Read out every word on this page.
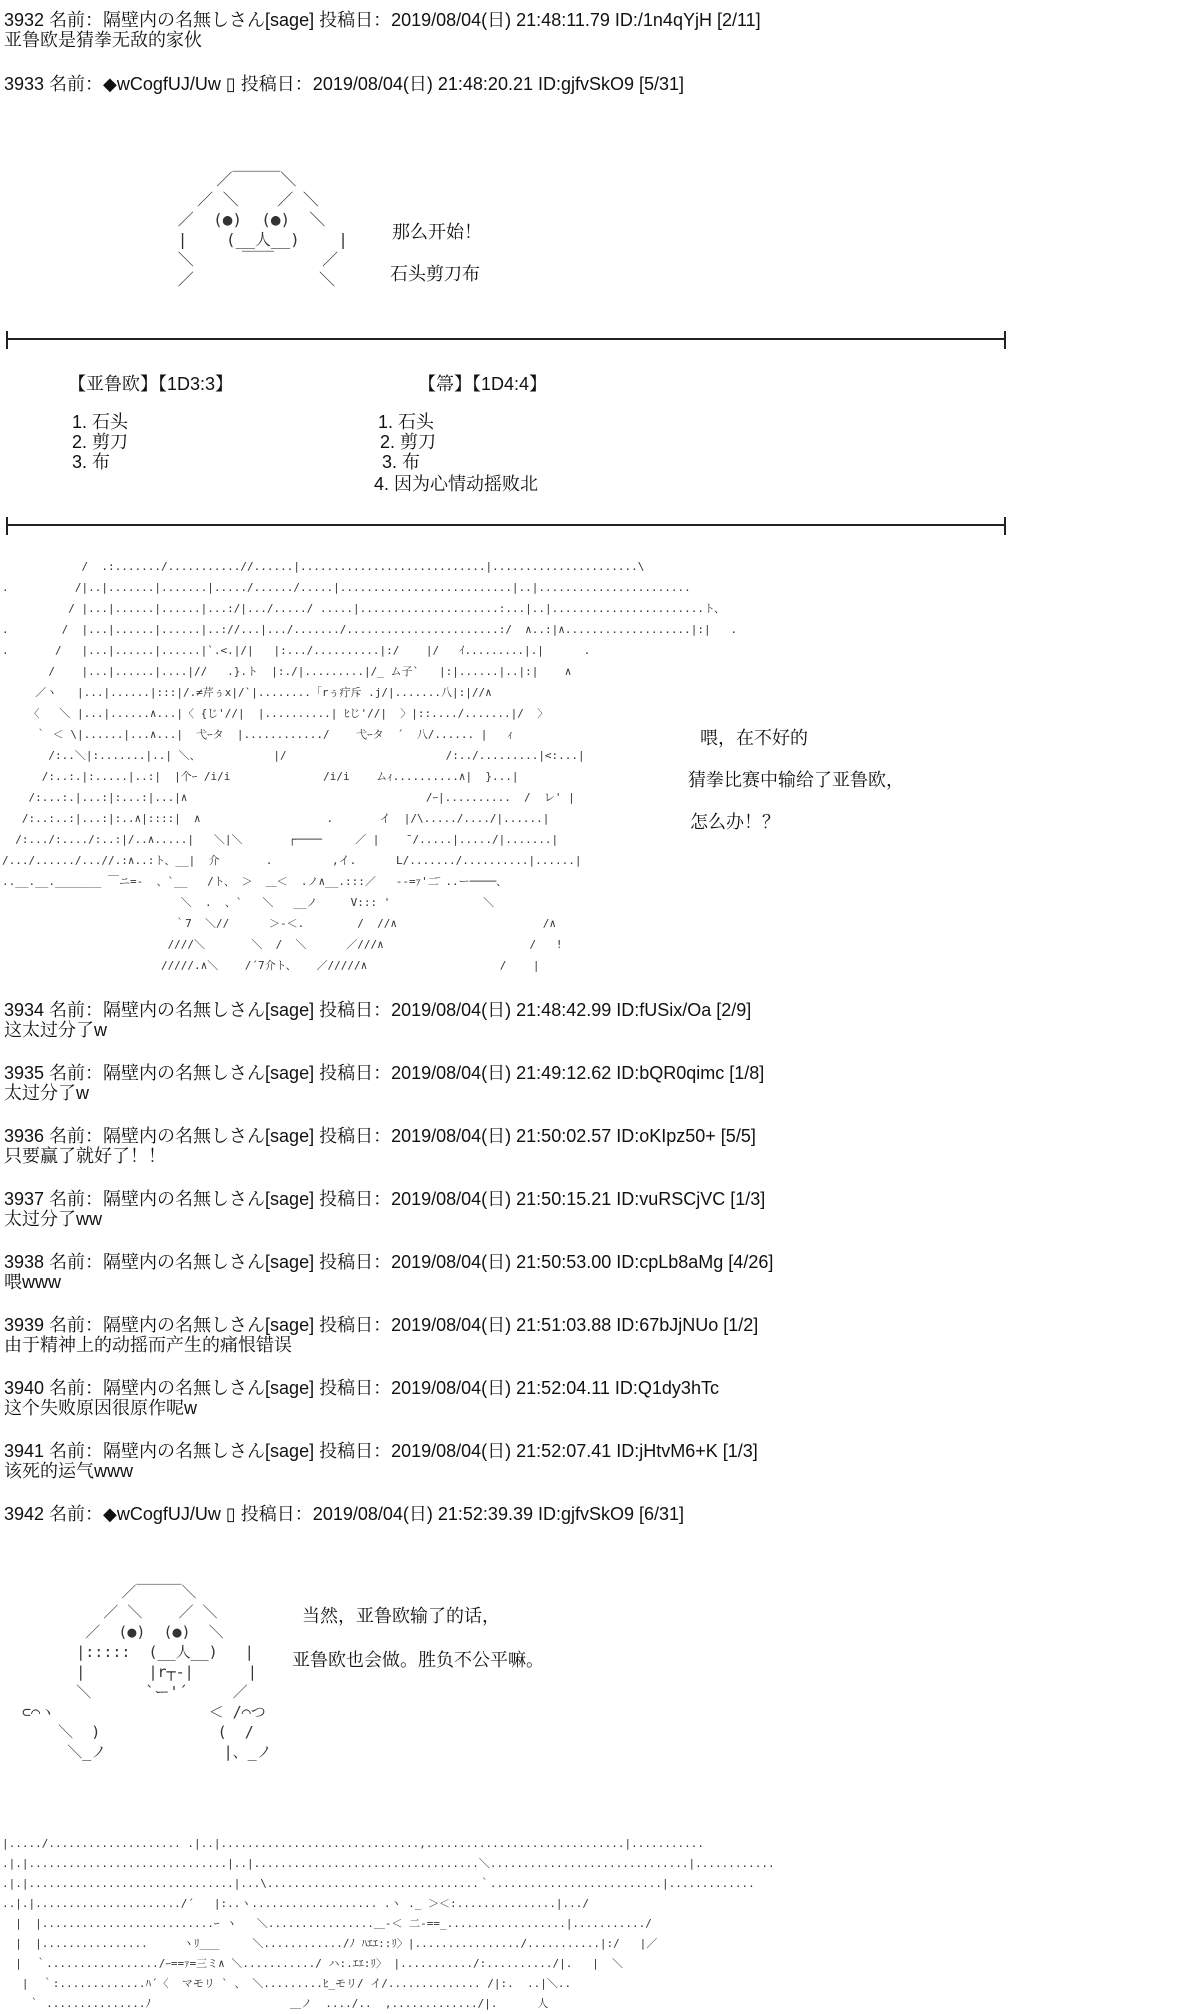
3932 名前：隔壁内の名無しさん[sage] 投稿日：2019/08/04(日) 21:48:11.79 ID:/1n4qYjH [2/11]
亚鲁欧是猜拳无敌的家伙
3933 名前：◆wCogfUJ/Uw ▯ 投稿日：2019/08/04(日) 21:48:20.21 ID:gjfvSkO9 [5/31]
／￣￣￣＼
／ ＼    ／ ＼
／  (●)  (●)  ＼
|    (__人__)    |
＼     ￣￣     ／
／             ＼
那么开始！
石头剪刀布
【亚鲁欧】【1D3:3】
1. 石头
2. 剪刀
3. 布
【箒】【1D4:4】
1. 石头
2. 剪刀
3. 布
4. 因为心情动摇败北
/  .:......./...........//......|............................|......................\
.          /|..|.......|.......|...../....../.....|..........................|..|.......................
/ |...|......|......|...:/|.../...../ .....|.....................:...|..|.......................ト、
.        /  |...|......|......|..://...|.../......./.......................:/  ∧..:|∧...................|:|   .
.       /   |...|......|......|`.<.|/|   |:.../..........|:/    |/   ｲ.........|.|      .
/    |...|......|....|//   .}.ト  |:./|.........|/_ ム子`   |:|......|..|:|    ∧
／ヽ   |...|......|:::|/.≠芹ぅx|/`|........「rぅ疔斥 .j/|.......八|:|//∧
〈   ＼ |...|......∧...|〈 {じ'//|  |..........| ﾋじ'//|  〉|::..../.......|/  〉
｀ ＜ \|......|...∧...|  弋ｰタ  |............/    弋ｰタ  ´  八/...... |   ｨ
/:..＼|:.......|..| ＼、           |/                        /:../.........|<:...|
/:..:.|:.....|..:|  |个ｰ /i/i              /i/i    ムｨ..........∧|  }...|
/:...:.|...:|:...:|...|∧                                    /ｰ|..........  /  レ' |
/:..:..:|...:|:..∧|::::|  ∧                   .       イ  |/\...../..../|......|
/:.../:..../:..:|/..∧.....|   ＼|＼       ┌────     ／ |    ̄ /.....|...../|.......|
/.../....../...//.:∧..:ト、__|  介       .         ,イ.      L/......./..........|......|
..__.__._______ ￣ニ=-  、`__   /ト、 ＞  ＿＜  .ノ∧__.:::／   --=ｧ'二̄ ..ー────、
＼  .  、`   ＼   __ノ     V::: '              ＼
｀7  ＼//      ＞-＜.        /  //∧                      /∧
////＼       ＼  /  ＼      ／///∧                      /   !
/////.∧＼    /´7介ト、   ／/////∧                    /    |
喂，在不好的
猜拳比赛中输给了亚鲁欧，
怎么办！？
3934 名前：隔壁内の名無しさん[sage] 投稿日：2019/08/04(日) 21:48:42.99 ID:fUSix/Oa [2/9]
这太过分了w
3935 名前：隔壁内の名無しさん[sage] 投稿日：2019/08/04(日) 21:49:12.62 ID:bQR0qimc [1/8]
太过分了w
3936 名前：隔壁内の名無しさん[sage] 投稿日：2019/08/04(日) 21:50:02.57 ID:oKIpz50+ [5/5]
只要赢了就好了！！
3937 名前：隔壁内の名無しさん[sage] 投稿日：2019/08/04(日) 21:50:15.21 ID:vuRSCjVC [1/3]
太过分了ww
3938 名前：隔壁内の名無しさん[sage] 投稿日：2019/08/04(日) 21:50:53.00 ID:cpLb8aMg [4/26]
喂www
3939 名前：隔壁内の名無しさん[sage] 投稿日：2019/08/04(日) 21:51:03.88 ID:67bJjNUo [1/2]
由于精神上的动摇而产生的痛恨错误
3940 名前：隔壁内の名無しさん[sage] 投稿日：2019/08/04(日) 21:52:04.11 ID:Q1dy3hTc
这个失败原因很原作呢w
3941 名前：隔壁内の名無しさん[sage] 投稿日：2019/08/04(日) 21:52:07.41 ID:jHtvM6+K [1/3]
该死的运气www
3942 名前：◆wCogfUJ/Uw ▯ 投稿日：2019/08/04(日) 21:52:39.39 ID:gjfvSkO9 [6/31]
／￣￣￣＼
／ ＼    ／ ＼
／  (●)  (●)  ＼
|:::::  (__人__)   |
|       |r┬-|      |
＼      `ー'´     ／
⊂⌒ヽ                 ＜ /⌒つ
＼  )             (  /
＼_ノ             |、_ノ
当然，亚鲁欧输了的话，
亚鲁欧也会做。胜负不公平嘛。
|...../.................... .|..|..............................‚..............................|...........
.|.|..............................|..|..................................＼..............................|............
.|.|...............................|...\................................｀..........................|.............
..|.|....................../´   |:..ヽ................... .ヽ ._ ＞＜:...............|.../
|  |..........................ｰ ヽ   ＼................＿-＜ 二-==_..................|.........../
|  |................　　  ヽﾘ___     ＼............/ﾉ ﾊｴｴ::ﾘ〉|................/...........|:/   |／
|  ｀................./ｰ==ｧ=三ミ∧ ＼.........../ ハ:.ｴｴ:ﾘ〉 |.........../:........../|.   |  ＼
|  ｀:.............ﾊ´〈  マモリ ` 、 ＼.........ﾋ_モリ/ イ/.............. /|:.  ..|＼..
｀ ...............ﾉ                     ＿ノ  ..../..  ‚............./|.      人
